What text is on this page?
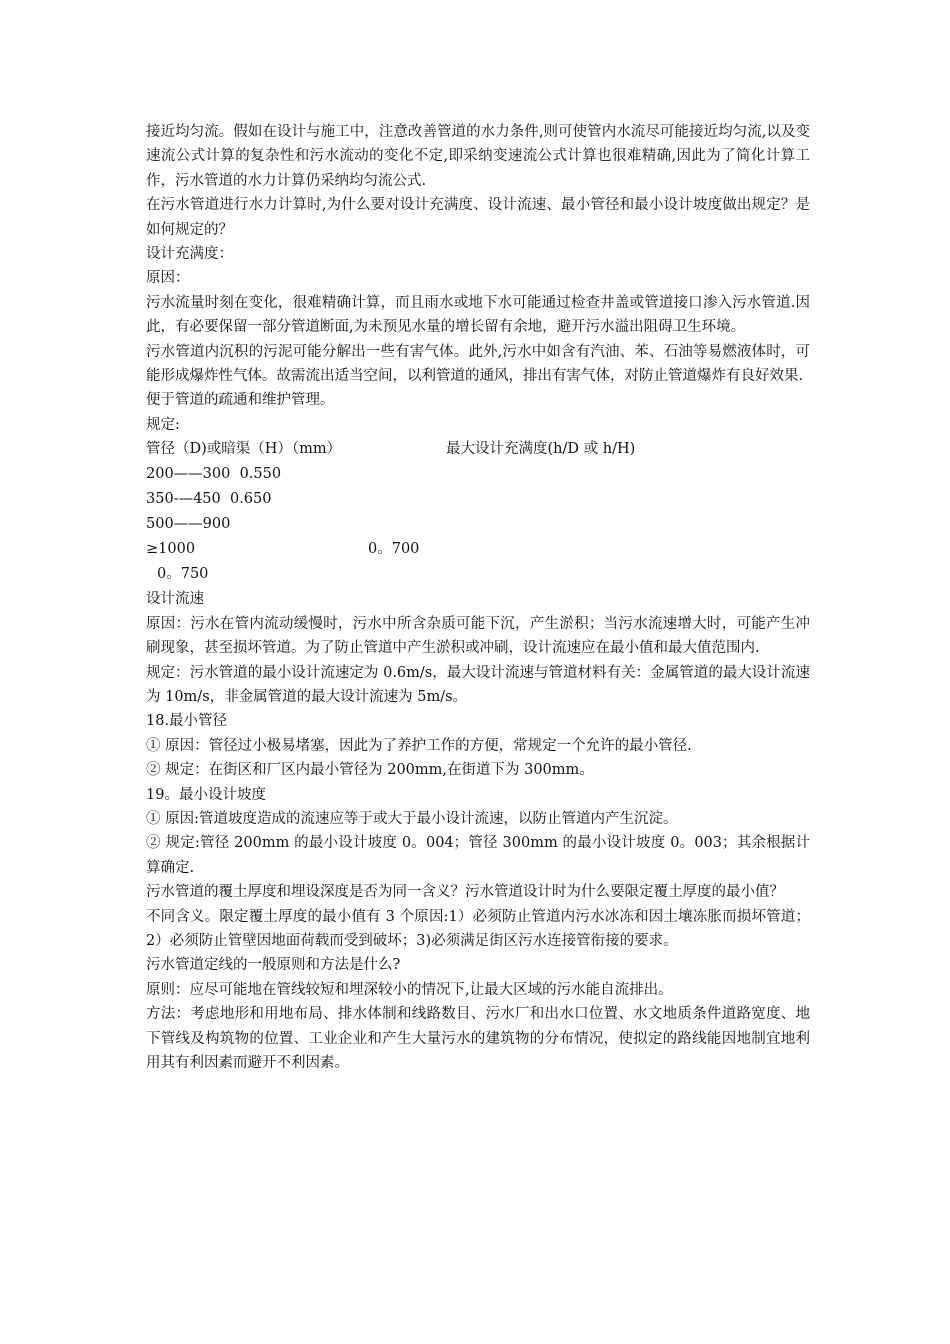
接近均匀流。假如在设计与施工中，注意改善管道的水力条件,则可使管内水流尽可能接近均匀流,以及变速流公式计算的复杂性和污水流动的变化不定,即采纳变速流公式计算也很难精确,因此为了简化计算工作，污水管道的水力计算仍采纳均匀流公式.

在污水管道进行水力计算时,为什么要对设计充满度、设计流速、最小管径和最小设计坡度做出规定？是如何规定的？

设计充满度：

原因：

污水流量时刻在变化，很难精确计算，而且雨水或地下水可能通过检查井盖或管道接口渗入污水管道.因此，有必要保留一部分管道断面,为未预见水量的增长留有余地，避开污水溢出阻碍卫生环境。

污水管道内沉积的污泥可能分解出一些有害气体。此外,污水中如含有汽油、苯、石油等易燃液体时，可能形成爆炸性气体。故需流出适当空间，以利管道的通风，排出有害气体，对防止管道爆炸有良好效果.

便于管道的疏通和维护管理。

规定:

管径（D)或暗渠（H）（mm）	最大设计充满度(h/D 或 h/H)
200——300  0.550
350-—450  0.650
500——900
≥1000	0。700
0。750

设计流速

原因：污水在管内流动缓慢时，污水中所含杂质可能下沉，产生淤积；当污水流速增大时，可能产生冲刷现象，甚至损坏管道。为了防止管道中产生淤积或冲刷，设计流速应在最小值和最大值范围内.

规定：污水管道的最小设计流速定为 0.6m/s，最大设计流速与管道材料有关：金属管道的最大设计流速为 10m/s，非金属管道的最大设计流速为 5m/s。

18.最小管径

① 原因：管径过小极易堵塞，因此为了养护工作的方便，常规定一个允许的最小管径.

② 规定：在街区和厂区内最小管径为 200mm,在街道下为 300mm。

19。最小设计坡度

① 原因:管道坡度造成的流速应等于或大于最小设计流速，以防止管道内产生沉淀。

② 规定:管径 200mm 的最小设计坡度 0。004；管径 300mm 的最小设计坡度 0。003；其余根据计算确定.

污水管道的覆土厚度和埋设深度是否为同一含义？污水管道设计时为什么要限定覆土厚度的最小值？

不同含义。限定覆土厚度的最小值有 3 个原因:1）必须防止管道内污水冰冻和因土壤冻胀而损坏管道；2）必须防止管壁因地面荷载而受到破坏；3)必须满足街区污水连接管衔接的要求。

污水管道定线的一般原则和方法是什么?

原则：应尽可能地在管线较短和埋深较小的情况下,让最大区域的污水能自流排出。

方法：考虑地形和用地布局、排水体制和线路数目、污水厂和出水口位置、水文地质条件道路宽度、地下管线及构筑物的位置、工业企业和产生大量污水的建筑物的分布情况，使拟定的路线能因地制宜地利用其有利因素而避开不利因素。
